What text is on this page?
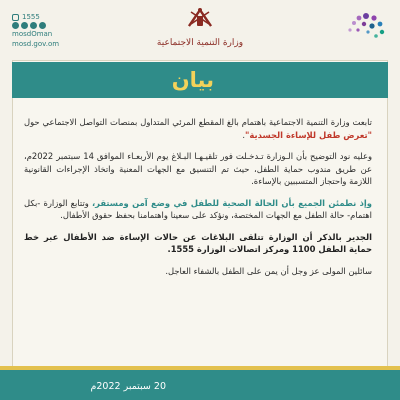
1555
mosdOman
mosd.gov.om	وزارة التنمية الاجتماعية
بيان

تابعت وزارة التنمية الاجتماعية باهتمام بالغ المقطع المرئي المتداول بمنصات التواصل الاجتماعي حول "تعرض طفل للإساءة الجسدية".

وعليه نود التوضيح بأن الـوزارة تـدخـلت فور تلقيـهـا البـلاغ يوم الأربعـاء الموافق 14 سبتمبر 2022م، عن طريق مندوب حماية الطفل، حيث تم التنسيق مع الجهات المعنية واتخاذ الإجراءات القانونية اللازمة واحتجاز المتسببين بالإساءة.

وإذ نطمئن الجميع بأن الحالة الصحية للطفل في وضع آمن ومستقر، وتتابع الوزارة -بكل اهتمام- حالة الطفل مع الجهات المختصة، ونؤكد على سعينا واهتمامنا بحفظ حقوق الأطفال.

الجدير بالذكر أن الوزارة تتلقى البلاغات عن حالات الإساءة ضد الأطفال عبر خط حماية الطفل 1100 ومركز اتصالات الوزارة 1555.

سائلين المولى عز وجل أن يمن على الطفل بالشفاء العاجل.

20 سبتمبر 2022م
